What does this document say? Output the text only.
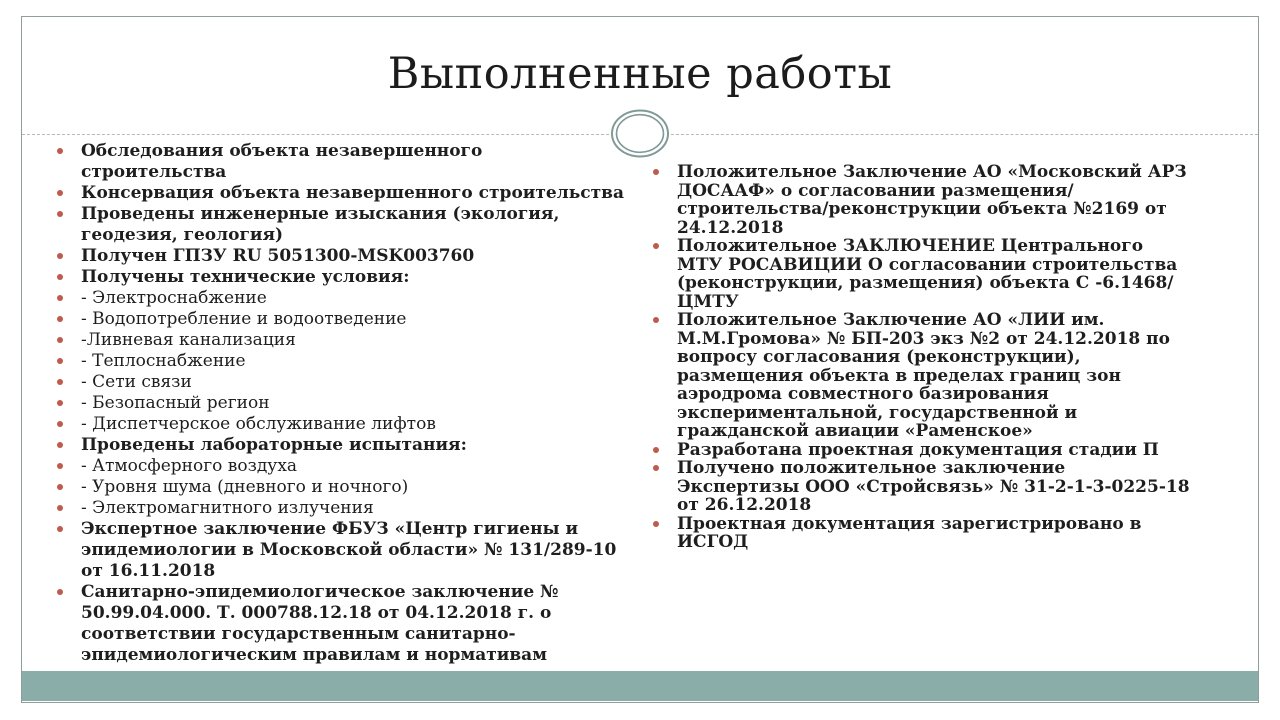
Выполненные работы
Обследования объекта незавершенного строительства
Консервация объекта незавершенного строительства
Проведены инженерные изыскания (экология, геодезия, геология)
Получен ГПЗУ RU 5051300-MSK003760
Получены технические условия:
- Электроснабжение
- Водопотребление и водоотведение
-Ливневая канализация
- Теплоснабжение
- Сети связи
- Безопасный регион
- Диспетчерское обслуживание лифтов
Проведены лабораторные испытания:
- Атмосферного воздуха
- Уровня шума (дневного и ночного)
- Электромагнитного излучения
Экспертное заключение ФБУЗ «Центр гигиены и эпидемиологии в Московской области» № 131/289-10 от 16.11.2018
Санитарно-эпидемиологическое заключение № 50.99.04.000. Т. 000788.12.18 от 04.12.2018 г. о соответствии государственным санитарно-эпидемиологическим правилам и нормативам
Положительное Заключение АО «Московский АРЗ ДОСААФ» о согласовании размещения/​строительства/​реконструкции объекта №2169 от 24.12.2018
Положительное ЗАКЛЮЧЕНИЕ Центрального МТУ РОСАВИЦИИ О согласовании строительства (реконструкции, размещения) объекта С -6.1468/ЦМТУ
Положительное Заключение АО «ЛИИ им. М.М.Громова» № БП-203 экз №2 от 24.12.2018 по вопросу согласования (реконструкции), размещения объекта в пределах границ зон аэродрома совместного базирования экспериментальной, государственной и гражданской авиации «Раменское»
Разработана проектная документация стадии П
Получено положительное заключение Экспертизы ООО «Стройсвязь» № 31-2-1-3-0225-18 от 26.12.2018
Проектная документация зарегистрировано в ИСГОД
